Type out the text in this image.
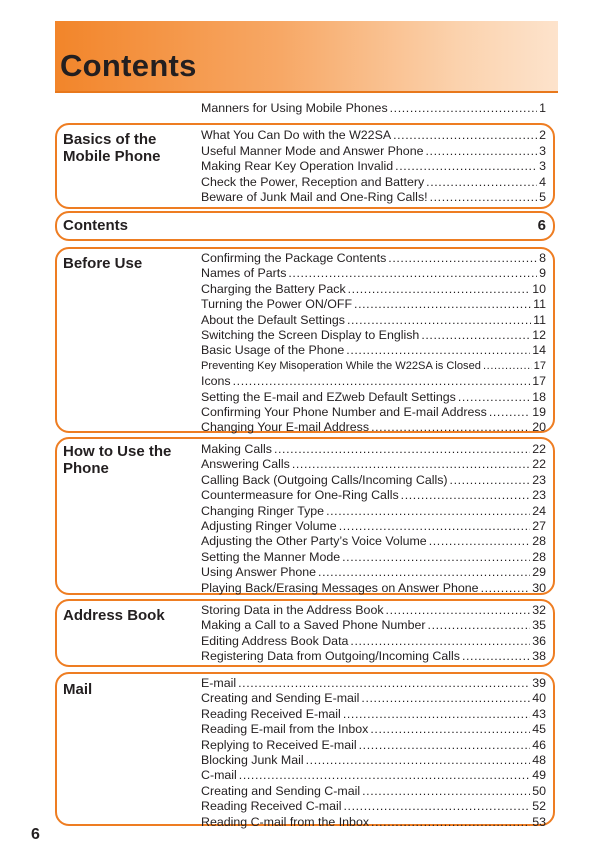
Contents
Manners for Using Mobile Phones .....	1
Basics of the Mobile Phone
What You Can Do with the W22SA .....	2
Useful Manner Mode and Answer Phone .....	3
Making Rear Key Operation Invalid .....	3
Check the Power, Reception and Battery .....	4
Beware of Junk Mail and One-Ring Calls! .....	5
Contents	6
Before Use	Confirming the Package Contents .....	8
Names of Parts .....	9
Charging the Battery Pack .....	10
Turning the Power ON/OFF .....	11
About the Default Settings .....	11
Switching the Screen Display to English .....	12
Basic Usage of the Phone .....	14
Preventing Key Misoperation While the W22SA is Closed .....	17
Icons .....	17
Setting the E-mail and EZweb Default Settings .....	18
Confirming Your Phone Number and E-mail Address .....	19
Changing Your E-mail Address .....	20
How to Use the Phone
Making Calls .....	22
Answering Calls .....	22
Calling Back (Outgoing Calls/Incoming Calls) .....	23
Countermeasure for One-Ring Calls .....	23
Changing Ringer Type .....	24
Adjusting Ringer Volume .....	27
Adjusting the Other Party’s Voice Volume .....	28
Setting the Manner Mode .....	28
Using Answer Phone .....	29
Playing Back/Erasing Messages on Answer Phone .....	30
Address Book	Storing Data in the Address Book .....	32
Making a Call to a Saved Phone Number .....	35
Editing Address Book Data .....	36
Registering Data from Outgoing/Incoming Calls .....	38
Mail	E-mail .....	39
Creating and Sending E-mail .....	40
Reading Received E-mail .....	43
Reading E-mail from the Inbox .....	45
Replying to Received E-mail .....	46
Blocking Junk Mail .....	48
C-mail .....	49
Creating and Sending C-mail .....	50
Reading Received C-mail .....	52
Reading C-mail from the Inbox .....	53
6
